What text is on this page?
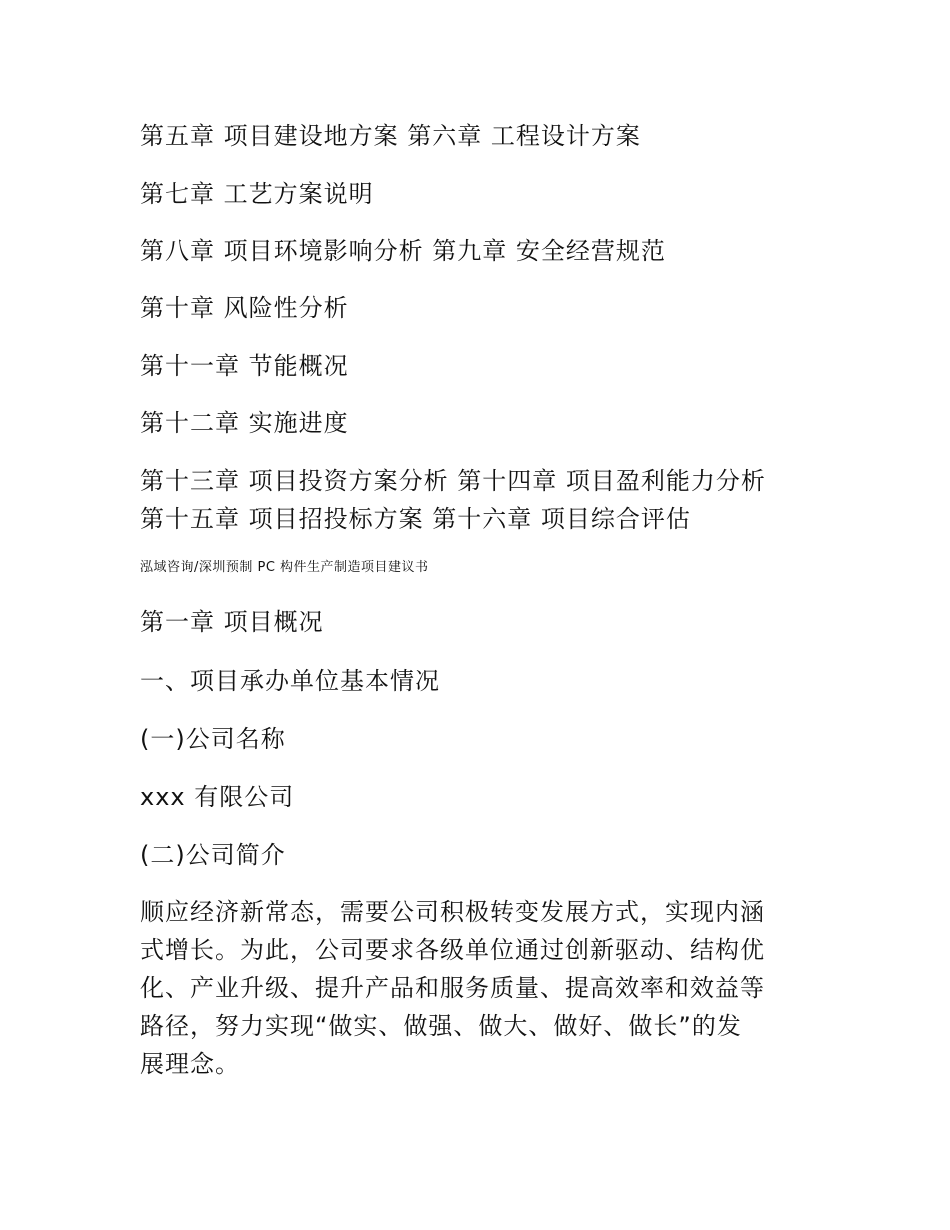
第五章 项目建设地方案 第六章 工程设计方案
第七章 工艺方案说明
第八章 项目环境影响分析 第九章 安全经营规范
第十章 风险性分析
第十一章 节能概况
第十二章 实施进度
第十三章 项目投资方案分析 第十四章 项目盈利能力分析
第十五章 项目招投标方案 第十六章 项目综合评估
泓域咨询/深圳预制 PC 构件生产制造项目建议书
第一章 项目概况
一、项目承办单位基本情况
(一)公司名称
xxx 有限公司
(二)公司简介
顺应经济新常态，需要公司积极转变发展方式，实现内涵
式增长。为此，公司要求各级单位通过创新驱动、结构优
化、产业升级、提升产品和服务质量、提高效率和效益等
路径，努力实现“做实、做强、做大、做好、做长”的发
展理念。
